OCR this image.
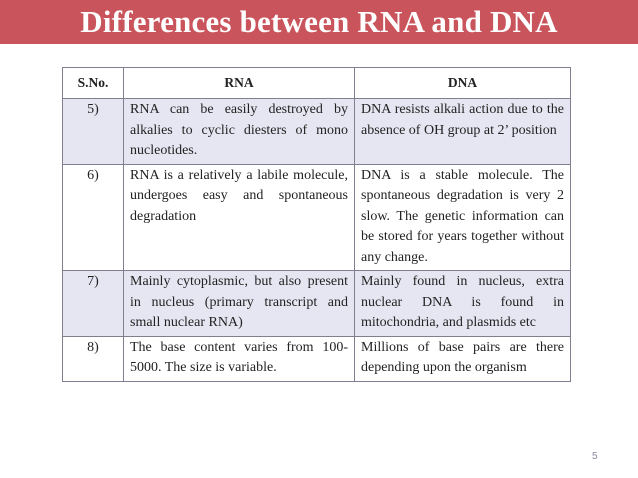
Differences between RNA and DNA
S.No.	RNA	DNA
5)	RNA can be easily destroyed by alkalies to cyclic diesters of mono nucleotides.	DNA resists alkali action due to the absence of OH group at 2’ position
6)	RNA is a relatively a labile molecule, undergoes easy and spontaneous degradation	DNA is a stable molecule. The spontaneous degradation is very 2 slow. The genetic information can be stored for years together without any change.
7)	Mainly cytoplasmic, but also present in nucleus (primary transcript and small nuclear RNA)	Mainly found in nucleus, extra nuclear DNA is found in mitochondria, and plasmids etc
8)	The base content varies from 100- 5000. The size is variable.	Millions of base pairs are there depending upon the organism
5
